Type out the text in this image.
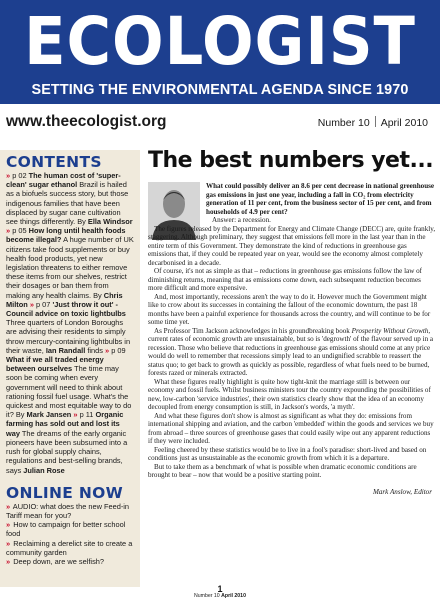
ECOLOGIST
SETTING THE ENVIRONMENTAL AGENDA SINCE 1970
www.theecologist.org	Number 10 April 2010
CONTENTS
» p 02 The human cost of 'super-clean' sugar ethanol Brazil is hailed as a biofuels success story, but those indigenous families that have been displaced by sugar cane cultivation see things differently. By Ella Windsor » p 05 How long until health foods become illegal? A huge number of UK citizens take food supplements or buy health food products, yet new legislation threatens to either remove these items from our shelves, restrict their dosages or ban them from making any health claims. By Chris Milton » p 07 'Just throw it out' - Council advice on toxic lightbulbs Three quarters of London Boroughs are advising their residents to simply throw mercury-containing lightbulbs in their waste, Ian Randall finds » p 09 What if we all traded energy between ourselves The time may soon be coming when every government will need to think about rationing fossil fuel usage. What's the quickest and most equitable way to do it? By Mark Jansen » p 11 Organic farming has sold out and lost its way The dreams of the early organic pioneers have been subsumed into a rush for global supply chains, regulations and best-selling brands, says Julian Rose
ONLINE NOW
» AUDIO: what does the new Feed-in Tariff mean for you?
» How to campaign for better school food
» Reclaiming a derelict site to create a community garden
» Deep down, are we selfish?
The best numbers yet...

What could possibly deliver an 8.6 per cent decrease in national greenhouse gas emissions in just one year, including a fall in CO₂ from electricity generation of 11 per cent, from the business sector of 15 per cent, and from households of 4.9 per cent?

Answer: a recession.

The figures released by the Department for Energy and Climate Change (DECC) are, quite frankly, staggering. Although preliminary, they suggest that emissions fell more in the last year than in the entire term of this Government. They demonstrate the kind of reductions in greenhouse gas emissions that, if they could be repeated year on year, would see the economy almost completely decarbonised in a decade.

Of course, it's not as simple as that – reductions in greenhouse gas emissions follow the law of diminishing returns, meaning that as emissions come down, each subsequent reduction becomes more difficult and more expensive.

And, most importantly, recessions aren't the way to do it. However much the Government might like to crow about its successes in containing the fallout of the economic downturn, the past 18 months have been a painful experience for thousands across the country, and will continue to be for some time yet.

As Professor Tim Jackson acknowledges in his groundbreaking book Prosperity Without Growth, current rates of economic growth are unsustainable, but so is 'degrowth' of the flavour served up in a recession. Those who believe that reductions in greenhouse gas emissions should come at any price would do well to remember that recessions simply lead to an undignified scrabble to reassert the status quo; to get back to growth as quickly as possible, regardless of what fuels need to be burned, forests razed or minerals extracted.

What these figures really highlight is quite how tight-knit the marriage still is between our economy and fossil fuels. Whilst business ministers tour the country expounding the possibilities of new, low-carbon 'service industries', their own statistics clearly show that the idea of an economy decoupled from energy consumption is still, in Jackson's words, 'a myth'.

And what these figures don't show is almost as significant as what they do: emissions from international shipping and aviation, and the carbon 'embedded' within the goods and services we buy from abroad – three sources of greenhouse gases that could easily wipe out any apparent reductions if they were included.

Feeling cheered by these statistics would be to live in a fool's paradise: short-lived and based on conditions just as unsustainable as the economic growth from which it is a departure.

But to take them as a benchmark of what is possible when dramatic economic conditions are brought to bear – now that would be a positive starting point.

Mark Anslow, Editor
1
Number 10 April 2010
